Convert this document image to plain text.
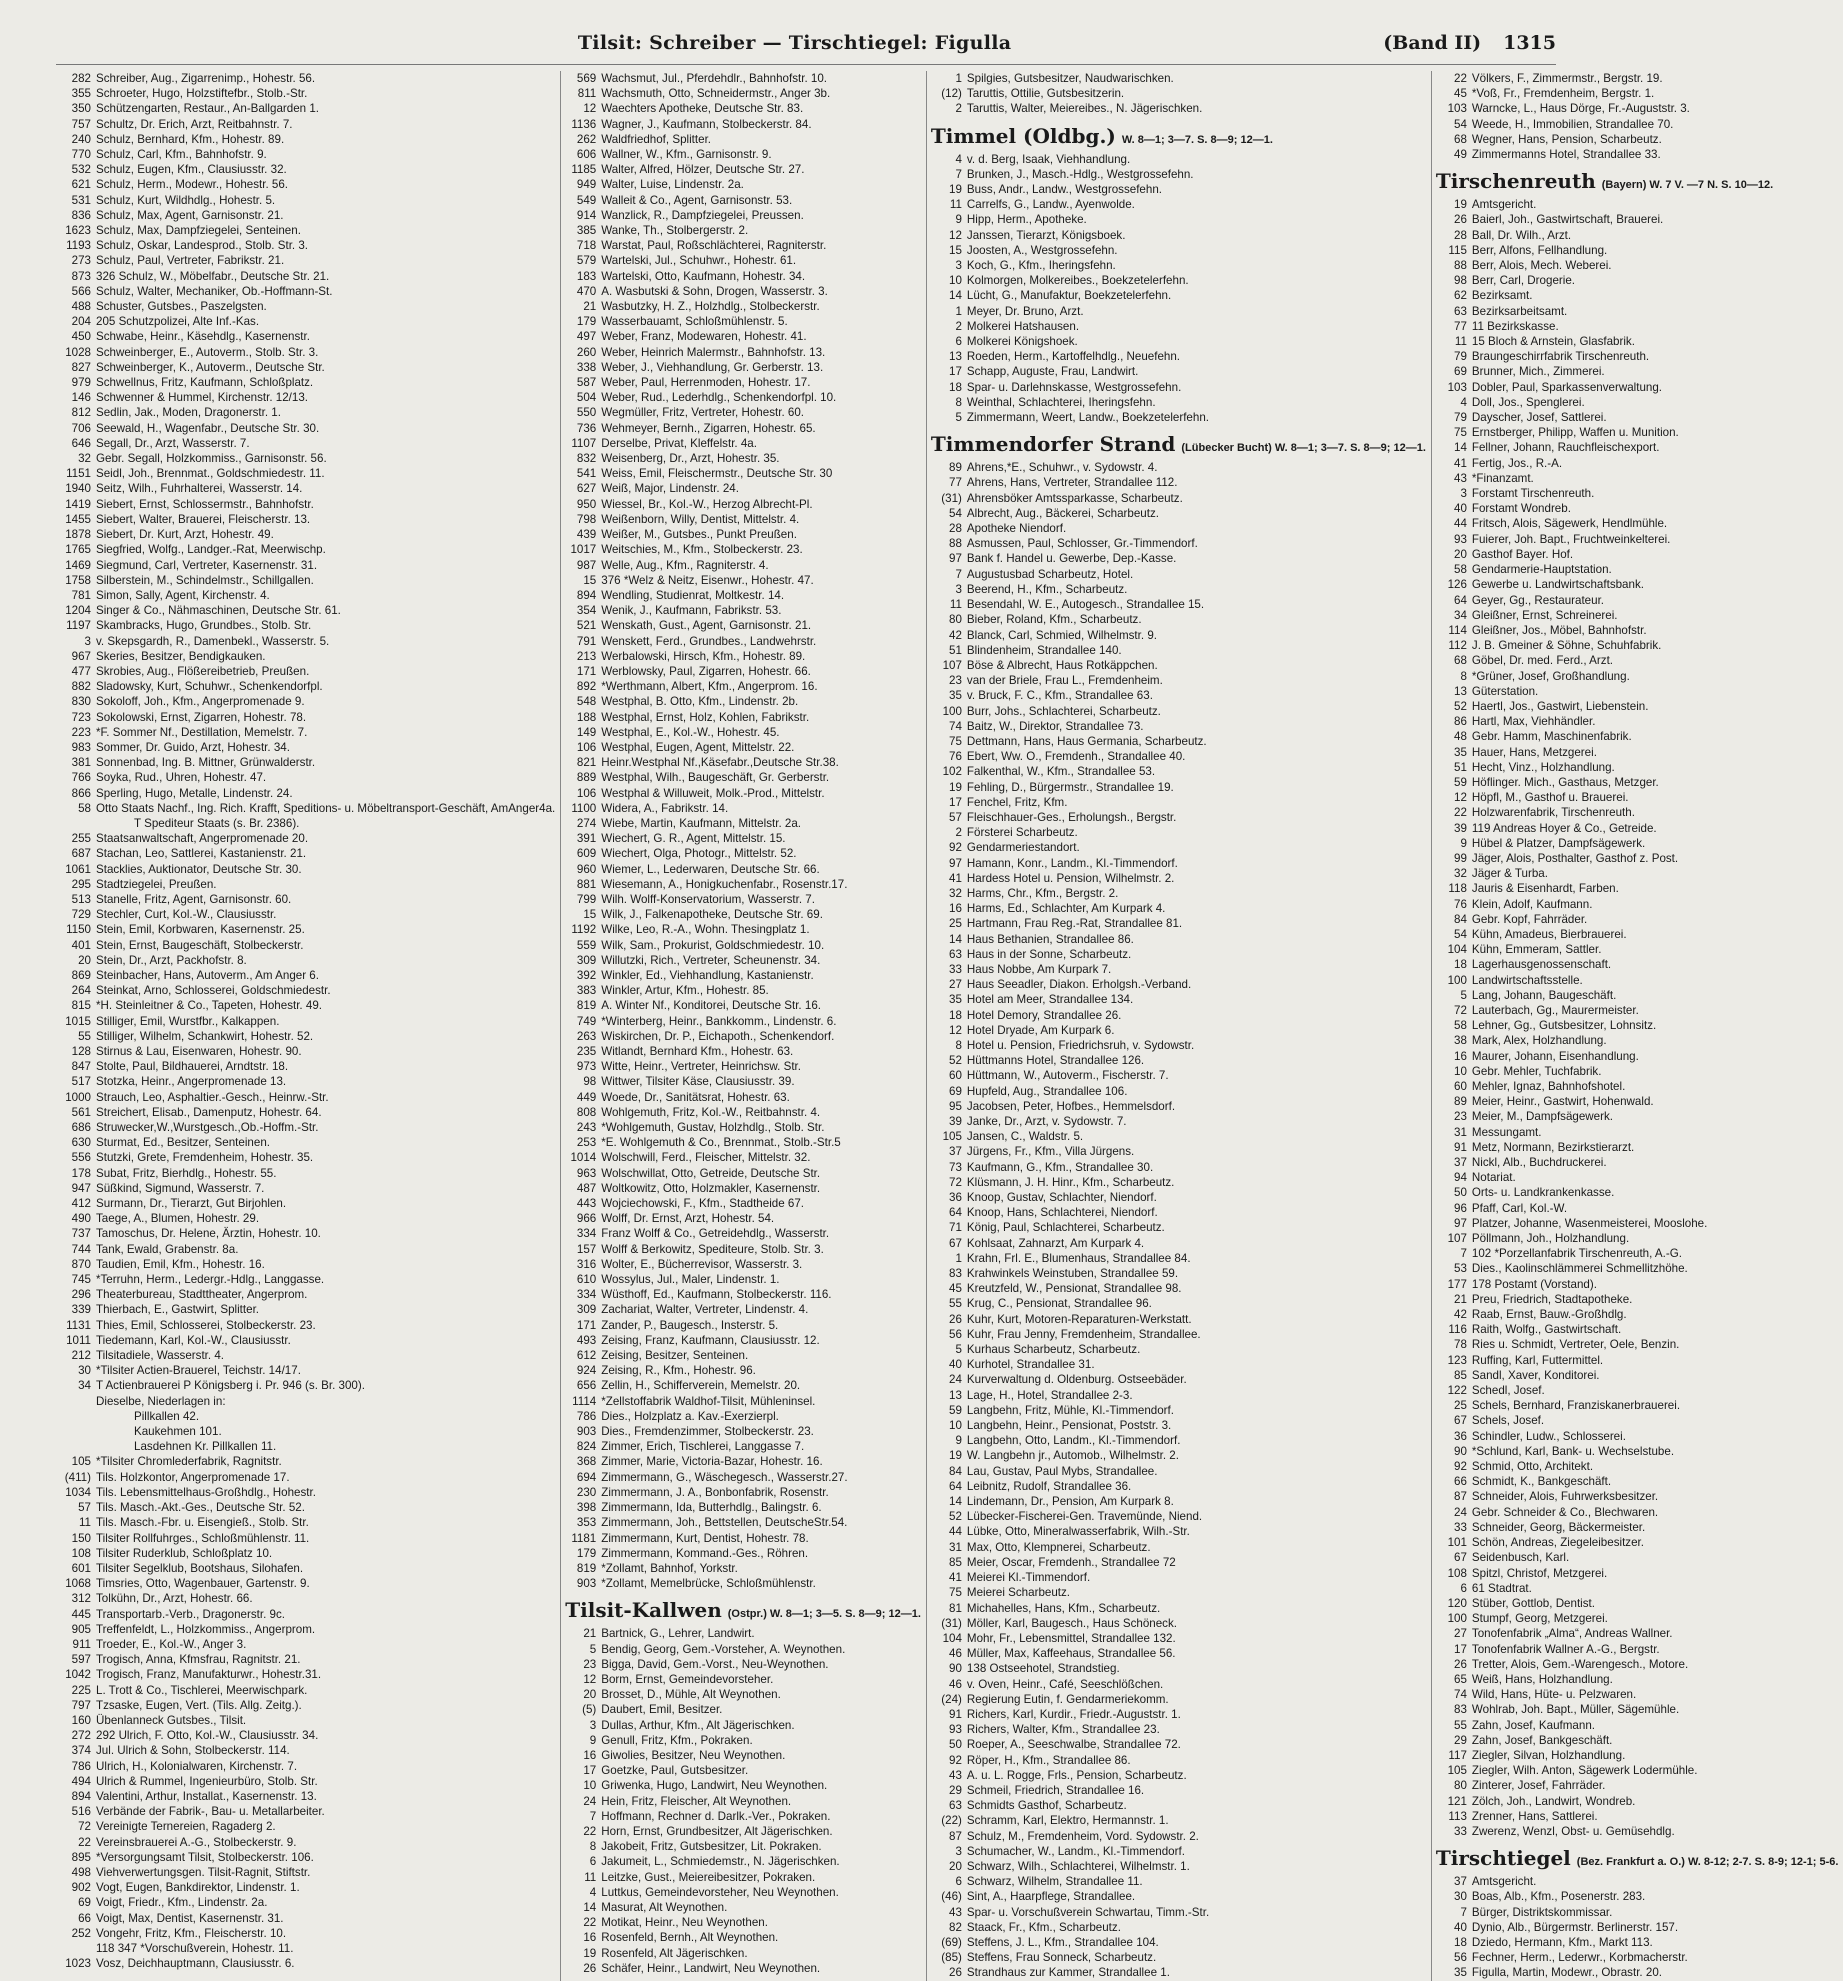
Tilsit: Schreiber — Tirschtiegel: Figulla	(Band II) 1315
282 Schreiber, Aug., Zigarrenimp., Hohestr. 56.
355 Schroeter, Hugo, Holzstiftefbr., Stolb.-Str.
350 Schützengarten, Restaur., An-Ballgarden 1.
757 Schultz, Dr. Erich, Arzt, Reitbahnstr. 7.
240 Schulz, Bernhard, Kfm., Hohestr. 89.
770 Schulz, Carl, Kfm., Bahnhofstr. 9.
532 Schulz, Eugen, Kfm., Clausiusstr. 32.
621 Schulz, Herm., Modewr., Hohestr. 56.
531 Schulz, Kurt, Wildhdlg., Hohestr. 5.
836 Schulz, Max, Agent, Garnisonstr. 21.
1623 Schulz, Max, Dampfziegelei, Senteinen.
1193 Schulz, Oskar, Landesprod., Stolb. Str. 3.
273 Schulz, Paul, Vertreter, Fabrikstr. 21.
873 326 Schulz, W., Möbelfabr., Deutsche Str. 21.
566 Schulz, Walter, Mechaniker, Ob.-Hoffmann-St.
488 Schuster, Gutsbes., Paszelgsten.
204 205 Schutzpolizei, Alte Inf.-Kas.
450 Schwabe, Heinr., Käsehdlg., Kasernenstr.
1028 Schweinberger, E., Autoverm., Stolb. Str. 3.
827 Schweinberger, K., Autoverm., Deutsche Str.
979 Schwellnus, Fritz, Kaufmann, Schloßplatz.
146 Schwenner & Hummel, Kirchenstr. 12/13.
812 Sedlin, Jak., Moden, Dragonerstr. 1.
706 Seewald, H., Wagenfabr., Deutsche Str. 30.
646 Segall, Dr., Arzt, Wasserstr. 7.
32 Gebr. Segall, Holzkommiss., Garnisonstr. 56.
1151 Seidl, Joh., Brennmat., Goldschmiedestr. 11.
1940 Seitz, Wilh., Fuhrhalterei, Wasserstr. 14.
1419 Siebert, Ernst, Schlossermstr., Bahnhofstr.
1455 Siebert, Walter, Brauerei, Fleischerstr. 13.
1878 Siebert, Dr. Kurt, Arzt, Hohestr. 49.
1765 Siegfried, Wolfg., Landger.-Rat, Meerwischp.
1469 Siegmund, Carl, Vertreter, Kasernenstr. 31.
1758 Silberstein, M., Schindelmstr., Schillgallen.
781 Simon, Sally, Agent, Kirchenstr. 4.
1204 Singer & Co., Nähmaschinen, Deutsche Str. 61.
1197 Skambracks, Hugo, Grundbes., Stolb. Str.
3 v. Skepsgardh, R., Damenbekl., Wasserstr. 5.
967 Skeries, Besitzer, Bendigkauken.
477 Skrobies, Aug., Flößereibetrieb, Preußen.
882 Sladowsky, Kurt, Schuhwr., Schenkendorfpl.
830 Sokoloff, Joh., Kfm., Angerpromenade 9.
723 Sokolowski, Ernst, Zigarren, Hohestr. 78.
223 *F. Sommer Nf., Destillation, Memelstr. 7.
983 Sommer, Dr. Guido, Arzt, Hohestr. 34.
381 Sonnenbad, Ing. B. Mittner, Grünwalderstr.
766 Soyka, Rud., Uhren, Hohestr. 47.
866 Sperling, Hugo, Metalle, Lindenstr. 24.
58 Otto Staats Nachf., Ing. Rich. Krafft, Speditions- u. Möbeltransport-Geschäft, AmAnger4a.
T Spediteur Staats (s. Br. 2386).
255 Staatsanwaltschaft, Angerpromenade 20.
687 Stachan, Leo, Sattlerei, Kastanienstr. 21.
1061 Stacklies, Auktionator, Deutsche Str. 30.
295 Stadtziegelei, Preußen.
513 Stanelle, Fritz, Agent, Garnisonstr. 60.
729 Stechler, Curt, Kol.-W., Clausiusstr.
1150 Stein, Emil, Korbwaren, Kasernenstr. 25.
401 Stein, Ernst, Baugeschäft, Stolbeckerstr.
20 Stein, Dr., Arzt, Packhofstr. 8.
869 Steinbacher, Hans, Autoverm., Am Anger 6.
264 Steinkat, Arno, Schlosserei, Goldschmiedestr.
815 *H. Steinleitner & Co., Tapeten, Hohestr. 49.
1015 Stilliger, Emil, Wurstfbr., Kalkappen.
55 Stilliger, Wilhelm, Schankwirt, Hohestr. 52.
128 Stirnus & Lau, Eisenwaren, Hohestr. 90.
847 Stolte, Paul, Bildhauerei, Arndtstr. 18.
517 Stotzka, Heinr., Angerpromenade 13.
1000 Strauch, Leo, Asphaltier.-Gesch., Heinrw.-Str.
561 Streichert, Elisab., Damenputz, Hohestr. 64.
686 Struwecker,W.,Wurstgesch.,Ob.-Hoffm.-Str.
630 Sturmat, Ed., Besitzer, Senteinen.
556 Stutzki, Grete, Fremdenheim, Hohestr. 35.
178 Subat, Fritz, Bierhdlg., Hohestr. 55.
947 Süßkind, Sigmund, Wasserstr. 7.
412 Surmann, Dr., Tierarzt, Gut Birjohlen.
490 Taege, A., Blumen, Hohestr. 29.
737 Tamoschus, Dr. Helene, Ärztin, Hohestr. 10.
744 Tank, Ewald, Grabenstr. 8a.
870 Taudien, Emil, Kfm., Hohestr. 16.
745 *Terruhn, Herm., Ledergr.-Hdlg., Langgasse.
296 Theaterbureau, Stadttheater, Angerprom.
339 Thierbach, E., Gastwirt, Splitter.
1131 Thies, Emil, Schlosserei, Stolbeckerstr. 23.
1011 Tiedemann, Karl, Kol.-W., Clausiusstr.
212 Tilsitadiele, Wasserstr. 4.
30 *Tilsiter Actien-Brauerel, Teichstr. 14/17.
34 T Actienbrauerei P Königsberg i. Pr. 946 (s. Br. 300).
Dieselbe, Niederlagen in:
Pillkallen 42.
Kaukehmen 101.
Lasdehnen Kr. Pillkallen 11.
105 *Tilsiter Chromlederfabrik, Ragnitstr.
(411) Tils. Holzkontor, Angerpromenade 17.
1034 Tils. Lebensmittelhaus-Großhdlg., Hohestr.
57 Tils. Masch.-Akt.-Ges., Deutsche Str. 52.
11 Tils. Masch.-Fbr. u. Eisengieß., Stolb. Str.
150 Tilsiter Rollfuhrges., Schloßmühlenstr. 11.
108 Tilsiter Ruderklub, Schloßplatz 10.
601 Tilsiter Segelklub, Bootshaus, Silohafen.
1068 Timsries, Otto, Wagenbauer, Gartenstr. 9.
312 Tolkühn, Dr., Arzt, Hohestr. 66.
445 Transportarb.-Verb., Dragonerstr. 9c.
905 Treffenfeldt, L., Holzkommiss., Angerprom.
911 Troeder, E., Kol.-W., Anger 3.
597 Trogisch, Anna, Kfmsfrau, Ragnitstr. 21.
1042 Trogisch, Franz, Manufakturwr., Hohestr.31.
225 L. Trott & Co., Tischlerei, Meerwischpark.
797 Tzsaske, Eugen, Vert. (Tils. Allg. Zeitg.).
160 Übenlanneck Gutsbes., Tilsit.
272 292 Ulrich, F. Otto, Kol.-W., Clausiusstr. 34.
374 Jul. Ulrich & Sohn, Stolbeckerstr. 114.
786 Ulrich, H., Kolonialwaren, Kirchenstr. 7.
494 Ulrich & Rummel, Ingenieurbüro, Stolb. Str.
894 Valentini, Arthur, Installat., Kasernenstr. 13.
516 Verbände der Fabrik-, Bau- u. Metallarbeiter.
72 Vereinigte Ternereien, Ragaderg 2.
22 Vereinsbrauerei A.-G., Stolbeckerstr. 9.
895 *Versorgungsamt Tilsit, Stolbeckerstr. 106.
498 Viehverwertungsgen. Tilsit-Ragnit, Stiftstr.
902 Vogt, Eugen, Bankdirektor, Lindenstr. 1.
69 Voigt, Friedr., Kfm., Lindenstr. 2a.
66 Voigt, Max, Dentist, Kasernenstr. 31.
252 Vongehr, Fritz, Kfm., Fleischerstr. 10.
118 347 *Vorschußverein, Hohestr. 11.
1023 Vosz, Deichhauptmann, Clausiusstr. 6.
569 Wachsmut, Jul., Pferdehdlr., Bahnhofstr. 10.
811 Wachsmuth, Otto, Schneidermstr., Anger 3b.
12 Waechters Apotheke, Deutsche Str. 83.
1136 Wagner, J., Kaufmann, Stolbeckerstr. 84.
262 Waldfriedhof, Splitter.
606 Wallner, W., Kfm., Garnisonstr. 9.
1185 Walter, Alfred, Hölzer, Deutsche Str. 27.
949 Walter, Luise, Lindenstr. 2a.
549 Walleit & Co., Agent, Garnisonstr. 53.
914 Wanzlick, R., Dampfziegelei, Preussen.
385 Wanke, Th., Stolbergerstr. 2.
718 Warstat, Paul, Roßschlächterei, Ragniterstr.
579 Wartelski, Jul., Schuhwr., Hohestr. 61.
183 Wartelski, Otto, Kaufmann, Hohestr. 34.
470 A. Wasbutski & Sohn, Drogen, Wasserstr. 3.
21 Wasbutzky, H. Z., Holzhdlg., Stolbeckerstr.
179 Wasserbauamt, Schloßmühlenstr. 5.
497 Weber, Franz, Modewaren, Hohestr. 41.
260 Weber, Heinrich Malermstr., Bahnhofstr. 13.
338 Weber, J., Viehhandlung, Gr. Gerberstr. 13.
587 Weber, Paul, Herrenmoden, Hohestr. 17.
504 Weber, Rud., Lederhdlg., Schenkendorfpl. 10.
550 Wegmüller, Fritz, Vertreter, Hohestr. 60.
736 Wehmeyer, Bernh., Zigarren, Hohestr. 65.
1107 Derselbe, Privat, Kleffelstr. 4a.
832 Weisenberg, Dr., Arzt, Hohestr. 35.
541 Weiss, Emil, Fleischermstr., Deutsche Str. 30
627 Weiß, Major, Lindenstr. 24.
950 Wiessel, Br., Kol.-W., Herzog Albrecht-Pl.
798 Weißenborn, Willy, Dentist, Mittelstr. 4.
439 Weißer, M., Gutsbes., Punkt Preußen.
1017 Weitschies, M., Kfm., Stolbeckerstr. 23.
987 Welle, Aug., Kfm., Ragniterstr. 4.
15 376 *Welz & Neitz, Eisenwr., Hohestr. 47.
894 Wendling, Studienrat, Moltkestr. 14.
354 Wenik, J., Kaufmann, Fabrikstr. 53.
521 Wenskath, Gust., Agent, Garnisonstr. 21.
791 Wenskett, Ferd., Grundbes., Landwehrstr.
213 Werbalowski, Hirsch, Kfm., Hohestr. 89.
171 Werblowsky, Paul, Zigarren, Hohestr. 66.
892 *Werthmann, Albert, Kfm., Angerprom. 16.
548 Westphal, B. Otto, Kfm., Lindenstr. 2b.
188 Westphal, Ernst, Holz, Kohlen, Fabrikstr.
149 Westphal, E., Kol.-W., Hohestr. 45.
106 Westphal, Eugen, Agent, Mittelstr. 22.
821 Heinr.Westphal Nf.,Käsefabr.,Deutsche Str.38.
889 Westphal, Wilh., Baugeschäft, Gr. Gerberstr.
106 Westphal & Willuweit, Molk.-Prod., Mittelstr.
1100 Widera, A., Fabrikstr. 14.
274 Wiebe, Martin, Kaufmann, Mittelstr. 2a.
391 Wiechert, G. R., Agent, Mittelstr. 15.
609 Wiechert, Olga, Photogr., Mittelstr. 52.
960 Wiemer, L., Lederwaren, Deutsche Str. 66.
881 Wiesemann, A., Honigkuchenfabr., Rosenstr.17.
799 Wilh. Wolff-Konservatorium, Wasserstr. 7.
15 Wilk, J., Falkenapotheke, Deutsche Str. 69.
1192 Wilke, Leo, R.-A., Wohn. Thesingplatz 1.
559 Wilk, Sam., Prokurist, Goldschmiedestr. 10.
309 Willutzki, Rich., Vertreter, Scheunenstr. 34.
392 Winkler, Ed., Viehhandlung, Kastanienstr.
383 Winkler, Artur, Kfm., Hohestr. 85.
819 A. Winter Nf., Konditorei, Deutsche Str. 16.
749 *Winterberg, Heinr., Bankkomm., Lindenstr. 6.
263 Wiskirchen, Dr. P., Eichapoth., Schenkendorf.
235 Witlandt, Bernhard Kfm., Hohestr. 63.
973 Witte, Heinr., Vertreter, Heinrichsw. Str.
98 Wittwer, Tilsiter Käse, Clausiusstr. 39.
449 Woede, Dr., Sanitätsrat, Hohestr. 63.
808 Wohlgemuth, Fritz, Kol.-W., Reitbahnstr. 4.
243 *Wohlgemuth, Gustav, Holzhdlg., Stolb. Str.
253 *E. Wohlgemuth & Co., Brennmat., Stolb.-Str.5
1014 Wolschwill, Ferd., Fleischer, Mittelstr. 32.
963 Wolschwillat, Otto, Getreide, Deutsche Str.
487 Woltkowitz, Otto, Holzmakler, Kasernenstr.
443 Wojciechowski, F., Kfm., Stadtheide 67.
966 Wolff, Dr. Ernst, Arzt, Hohestr. 54.
334 Franz Wolff & Co., Getreidehdlg., Wasserstr.
157 Wolff & Berkowitz, Spediteure, Stolb. Str. 3.
316 Wolter, E., Bücherrevisor, Wasserstr. 3.
610 Wossylus, Jul., Maler, Lindenstr. 1.
334 Wüsthoff, Ed., Kaufmann, Stolbeckerstr. 116.
309 Zachariat, Walter, Vertreter, Lindenstr. 4.
171 Zander, P., Baugesch., Insterstr. 5.
493 Zeising, Franz, Kaufmann, Clausiusstr. 12.
612 Zeising, Besitzer, Senteinen.
924 Zeising, R., Kfm., Hohestr. 96.
656 Zellin, H., Schifferverein, Memelstr. 20.
1114 *Zellstoffabrik Waldhof-Tilsit, Mühleninsel.
786 Dies., Holzplatz a. Kav.-Exerzierpl.
903 Dies., Fremdenzimmer, Stolbeckerstr. 23.
824 Zimmer, Erich, Tischlerei, Langgasse 7.
368 Zimmer, Marie, Victoria-Bazar, Hohestr. 16.
694 Zimmermann, G., Wäschegesch., Wasserstr.27.
230 Zimmermann, J. A., Bonbonfabrik, Rosenstr.
398 Zimmermann, Ida, Butterhdlg., Balingstr. 6.
353 Zimmermann, Joh., Bettstellen, DeutscheStr.54.
1181 Zimmermann, Kurt, Dentist, Hohestr. 78.
179 Zimmermann, Kommand.-Ges., Röhren.
819 *Zollamt, Bahnhof, Yorkstr.
903 *Zollamt, Memelbrücke, Schloßmühlenstr.
Tilsit-Kallwen (Ostpr.) W. 8—1; 3—5. S. 8—9; 12—1.
21 Bartnick, G., Lehrer, Landwirt.
5 Bendig, Georg, Gem.-Vorsteher, A. Weynothen.
23 Bigga, David, Gem.-Vorst., Neu-Weynothen.
12 Borm, Ernst, Gemeindevorsteher.
20 Brosset, D., Mühle, Alt Weynothen.
(5) Daubert, Emil, Besitzer.
3 Dullas, Arthur, Kfm., Alt Jägerischken.
9 Genull, Fritz, Kfm., Pokraken.
16 Giwolies, Besitzer, Neu Weynothen.
17 Goetzke, Paul, Gutsbesitzer.
10 Griwenka, Hugo, Landwirt, Neu Weynothen.
24 Hein, Fritz, Fleischer, Alt Weynothen.
7 Hoffmann, Rechner d. Darlk.-Ver., Pokraken.
22 Horn, Ernst, Grundbesitzer, Alt Jägerischken.
8 Jakobeit, Fritz, Gutsbesitzer, Lit. Pokraken.
6 Jakumeit, L., Schmiedemstr., N. Jägerischken.
11 Leitzke, Gust., Meiereibesitzer, Pokraken.
4 Luttkus, Gemeindevorsteher, Neu Weynothen.
14 Masurat, Alt Weynothen.
22 Motikat, Heinr., Neu Weynothen.
16 Rosenfeld, Bernh., Alt Weynothen.
19 Rosenfeld, Alt Jägerischken.
26 Schäfer, Heinr., Landwirt, Neu Weynothen.
1 Spilgies, Gutsbesitzer, Naudwarischken.
(12) Taruttis, Ottilie, Gutsbesitzerin.
2 Taruttis, Walter, Meiereibes., N. Jägerischken.
Timmel (Oldbg.) W. 8—1; 3—7. S. 8—9; 12—1.
4 v. d. Berg, Isaak, Viehhandlung.
7 Brunken, J., Masch.-Hdlg., Westgrossefehn.
19 Buss, Andr., Landw., Westgrossefehn.
11 Carrelfs, G., Landw., Ayenwolde.
9 Hipp, Herm., Apotheke.
12 Janssen, Tierarzt, Königsboek.
15 Joosten, A., Westgrossefehn.
3 Koch, G., Kfm., Iheringsfehn.
10 Kolmorgen, Molkereibes., Boekzetelerfehn.
14 Lücht, G., Manufaktur, Boekzetelerfehn.
1 Meyer, Dr. Bruno, Arzt.
2 Molkerei Hatshausen.
6 Molkerei Königshoek.
13 Roeden, Herm., Kartoffelhdlg., Neuefehn.
17 Schapp, Auguste, Frau, Landwirt.
18 Spar- u. Darlehnskasse, Westgrossefehn.
8 Weinthal, Schlachterei, Iheringsfehn.
5 Zimmermann, Weert, Landw., Boekzetelerfehn.
Timmendorfer Strand (Lübecker Bucht) W. 8—1; 3—7. S. 8—9; 12—1.
89 Ahrens,*E., Schuhwr., v. Sydowstr. 4.
77 Ahrens, Hans, Vertreter, Strandallee 112.
(31) Ahrensböker Amtssparkasse, Scharbeutz.
54 Albrecht, Aug., Bäckerei, Scharbeutz.
28 Apotheke Niendorf.
88 Asmussen, Paul, Schlosser, Gr.-Timmendorf.
97 Bank f. Handel u. Gewerbe, Dep.-Kasse.
7 Augustusbad Scharbeutz, Hotel.
3 Beerend, H., Kfm., Scharbeutz.
11 Besendahl, W. E., Autogesch., Strandallee 15.
80 Bieber, Roland, Kfm., Scharbeutz.
42 Blanck, Carl, Schmied, Wilhelmstr. 9.
51 Blindenheim, Strandallee 140.
107 Böse & Albrecht, Haus Rotkäppchen.
23 van der Briele, Frau L., Fremdenheim.
35 v. Bruck, F. C., Kfm., Strandallee 63.
100 Burr, Johs., Schlachterei, Scharbeutz.
74 Baitz, W., Direktor, Strandallee 73.
75 Dettmann, Hans, Haus Germania, Scharbeutz.
76 Ebert, Ww. O., Fremdenh., Strandallee 40.
102 Falkenthal, W., Kfm., Strandallee 53.
19 Fehling, D., Bürgermstr., Strandallee 19.
17 Fenchel, Fritz, Kfm.
57 Fleischhauer-Ges., Erholungsh., Bergstr.
2 Försterei Scharbeutz.
92 Gendarmeriestandort.
97 Hamann, Konr., Landm., Kl.-Timmendorf.
41 Hardess Hotel u. Pension, Wilhelmstr. 2.
32 Harms, Chr., Kfm., Bergstr. 2.
16 Harms, Ed., Schlachter, Am Kurpark 4.
25 Hartmann, Frau Reg.-Rat, Strandallee 81.
14 Haus Bethanien, Strandallee 86.
63 Haus in der Sonne, Scharbeutz.
33 Haus Nobbe, Am Kurpark 7.
27 Haus Seeadler, Diakon. Erholgsh.-Verband.
35 Hotel am Meer, Strandallee 134.
18 Hotel Demory, Strandallee 26.
12 Hotel Dryade, Am Kurpark 6.
8 Hotel u. Pension, Friedrichsruh, v. Sydowstr.
52 Hüttmanns Hotel, Strandallee 126.
60 Hüttmann, W., Autoverm., Fischerstr. 7.
69 Hupfeld, Aug., Strandallee 106.
95 Jacobsen, Peter, Hofbes., Hemmelsdorf.
39 Janke, Dr., Arzt, v. Sydowstr. 7.
105 Jansen, C., Waldstr. 5.
37 Jürgens, Fr., Kfm., Villa Jürgens.
73 Kaufmann, G., Kfm., Strandallee 30.
72 Klüsmann, J. H. Hinr., Kfm., Scharbeutz.
36 Knoop, Gustav, Schlachter, Niendorf.
64 Knoop, Hans, Schlachterei, Niendorf.
71 König, Paul, Schlachterei, Scharbeutz.
67 Kohlsaat, Zahnarzt, Am Kurpark 4.
1 Krahn, Frl. E., Blumenhaus, Strandallee 84.
83 Krahwinkels Weinstuben, Strandallee 59.
45 Kreutzfeld, W., Pensionat, Strandallee 98.
55 Krug, C., Pensionat, Strandallee 96.
26 Kuhr, Kurt, Motoren-Reparaturen-Werkstatt.
56 Kuhr, Frau Jenny, Fremdenheim, Strandallee.
5 Kurhaus Scharbeutz, Scharbeutz.
40 Kurhotel, Strandallee 31.
24 Kurverwaltung d. Oldenburg. Ostseebäder.
13 Lage, H., Hotel, Strandallee 2-3.
59 Langbehn, Fritz, Mühle, Kl.-Timmendorf.
10 Langbehn, Heinr., Pensionat, Poststr. 3.
9 Langbehn, Otto, Landm., Kl.-Timmendorf.
19 W. Langbehn jr., Automob., Wilhelmstr. 2.
84 Lau, Gustav, Paul Mybs, Strandallee.
64 Leibnitz, Rudolf, Strandallee 36.
14 Lindemann, Dr., Pension, Am Kurpark 8.
52 Lübecker-Fischerei-Gen. Travemünde, Niend.
44 Lübke, Otto, Mineralwasserfabrik, Wilh.-Str.
31 Max, Otto, Klempnerei, Scharbeutz.
85 Meier, Oscar, Fremdenh., Strandallee 72
41 Meierei Kl.-Timmendorf.
75 Meierei Scharbeutz.
81 Michahelles, Hans, Kfm., Scharbeutz.
(31) Möller, Karl, Baugesch., Haus Schöneck.
104 Mohr, Fr., Lebensmittel, Strandallee 132.
46 Müller, Max, Kaffeehaus, Strandallee 56.
90 138 Ostseehotel, Strandstieg.
46 v. Oven, Heinr., Café, Seeschlößchen.
(24) Regierung Eutin, f. Gendarmeriekomm.
91 Richers, Karl, Kurdir., Friedr.-Auguststr. 1.
93 Richers, Walter, Kfm., Strandallee 23.
50 Roeper, A., Seeschwalbe, Strandallee 72.
92 Röper, H., Kfm., Strandallee 86.
43 A. u. L. Rogge, Frls., Pension, Scharbeutz.
29 Schmeil, Friedrich, Strandallee 16.
63 Schmidts Gasthof, Scharbeutz.
(22) Schramm, Karl, Elektro, Hermannstr. 1.
87 Schulz, M., Fremdenheim, Vord. Sydowstr. 2.
3 Schumacher, W., Landm., Kl.-Timmendorf.
20 Schwarz, Wilh., Schlachterei, Wilhelmstr. 1.
6 Schwarz, Wilhelm, Strandallee 11.
(46) Sint, A., Haarpflege, Strandallee.
43 Spar- u. Vorschußverein Schwartau, Timm.-Str.
82 Staack, Fr., Kfm., Scharbeutz.
(69) Steffens, J. L., Kfm., Strandallee 104.
(85) Steffens, Frau Sonneck, Scharbeutz.
26 Strandhaus zur Kammer, Strandallee 1.
22 Völkers, F., Zimmermstr., Bergstr. 19.
45 *Voß, Fr., Fremdenheim, Bergstr. 1.
103 Warncke, L., Haus Dörge, Fr.-Auguststr. 3.
54 Weede, H., Immobilien, Strandallee 70.
68 Wegner, Hans, Pension, Scharbeutz.
49 Zimmermanns Hotel, Strandallee 33.
Tirschenreuth (Bayern) W. 7 V. —7 N. S. 10—12.
19 Amtsgericht.
26 Baierl, Joh., Gastwirtschaft, Brauerei.
28 Ball, Dr. Wilh., Arzt.
115 Berr, Alfons, Fellhandlung.
88 Berr, Alois, Mech. Weberei.
98 Berr, Carl, Drogerie.
62 Bezirksamt.
63 Bezirksarbeitsamt.
77 11 Bezirkskasse.
11 15 Bloch & Arnstein, Glasfabrik.
79 Braungeschirrfabrik Tirschenreuth.
69 Brunner, Mich., Zimmerei.
103 Dobler, Paul, Sparkassenverwaltung.
4 Doll, Jos., Spenglerei.
79 Dayscher, Josef, Sattlerei.
75 Ernstberger, Philipp, Waffen u. Munition.
14 Fellner, Johann, Rauchfleischexport.
41 Fertig, Jos., R.-A.
43 *Finanzamt.
3 Forstamt Tirschenreuth.
40 Forstamt Wondreb.
44 Fritsch, Alois, Sägewerk, Hendlmühle.
93 Fuierer, Joh. Bapt., Fruchtweinkelterei.
20 Gasthof Bayer. Hof.
58 Gendarmerie-Hauptstation.
126 Gewerbe u. Landwirtschaftsbank.
64 Geyer, Gg., Restaurateur.
34 Gleißner, Ernst, Schreinerei.
114 Gleißner, Jos., Möbel, Bahnhofstr.
112 J. B. Gmeiner & Söhne, Schuhfabrik.
68 Göbel, Dr. med. Ferd., Arzt.
8 *Grüner, Josef, Großhandlung.
13 Güterstation.
52 Haertl, Jos., Gastwirt, Liebenstein.
86 Hartl, Max, Viehhändler.
48 Gebr. Hamm, Maschinenfabrik.
35 Hauer, Hans, Metzgerei.
51 Hecht, Vinz., Holzhandlung.
59 Höflinger. Mich., Gasthaus, Metzger.
12 Höpfl, M., Gasthof u. Brauerei.
22 Holzwarenfabrik, Tirschenreuth.
39 119 Andreas Hoyer & Co., Getreide.
9 Hübel & Platzer, Dampfsägewerk.
99 Jäger, Alois, Posthalter, Gasthof z. Post.
32 Jäger & Turba.
118 Jauris & Eisenhardt, Farben.
76 Klein, Adolf, Kaufmann.
84 Gebr. Kopf, Fahrräder.
54 Kühn, Amadeus, Bierbrauerei.
104 Kühn, Emmeram, Sattler.
18 Lagerhausgenossenschaft.
100 Landwirtschaftsstelle.
5 Lang, Johann, Baugeschäft.
72 Lauterbach, Gg., Maurermeister.
58 Lehner, Gg., Gutsbesitzer, Lohnsitz.
38 Mark, Alex, Holzhandlung.
16 Maurer, Johann, Eisenhandlung.
10 Gebr. Mehler, Tuchfabrik.
60 Mehler, Ignaz, Bahnhofshotel.
89 Meier, Heinr., Gastwirt, Hohenwald.
23 Meier, M., Dampfsägewerk.
31 Messungamt.
91 Metz, Normann, Bezirkstierarzt.
37 Nickl, Alb., Buchdruckerei.
94 Notariat.
50 Orts- u. Landkrankenkasse.
96 Pfaff, Carl, Kol.-W.
97 Platzer, Johanne, Wasenmeisterei, Mooslohe.
107 Pöllmann, Joh., Holzhandlung.
7 102 *Porzellanfabrik Tirschenreuth, A.-G.
53 Dies., Kaolinschlämmerei Schmellitzhöhe.
177 178 Postamt (Vorstand).
21 Preu, Friedrich, Stadtapotheke.
42 Raab, Ernst, Bauw.-Großhdlg.
116 Raith, Wolfg., Gastwirtschaft.
78 Ries u. Schmidt, Vertreter, Oele, Benzin.
123 Ruffing, Karl, Futtermittel.
85 Sandl, Xaver, Konditorei.
122 Schedl, Josef.
25 Schels, Bernhard, Franziskanerbrauerei.
67 Schels, Josef.
36 Schindler, Ludw., Schlosserei.
90 *Schlund, Karl, Bank- u. Wechselstube.
92 Schmid, Otto, Architekt.
66 Schmidt, K., Bankgeschäft.
87 Schneider, Alois, Fuhrwerksbesitzer.
24 Gebr. Schneider & Co., Blechwaren.
33 Schneider, Georg, Bäckermeister.
101 Schön, Andreas, Ziegeleibesitzer.
67 Seidenbusch, Karl.
108 Spitzl, Christof, Metzgerei.
6 61 Stadtrat.
120 Stüber, Gottlob, Dentist.
100 Stumpf, Georg, Metzgerei.
27 Tonofenfabrik „Alma“, Andreas Wallner.
17 Tonofenfabrik Wallner A.-G., Bergstr.
26 Tretter, Alois, Gem.-Warengesch., Motore.
65 Weiß, Hans, Holzhandlung.
74 Wild, Hans, Hüte- u. Pelzwaren.
83 Wohlrab, Joh. Bapt., Müller, Sägemühle.
55 Zahn, Josef, Kaufmann.
29 Zahn, Josef, Bankgeschäft.
117 Ziegler, Silvan, Holzhandlung.
105 Ziegler, Wilh. Anton, Sägewerk Lodermühle.
80 Zinterer, Josef, Fahrräder.
121 Zölch, Joh., Landwirt, Wondreb.
113 Zrenner, Hans, Sattlerei.
33 Zwerenz, Wenzl, Obst- u. Gemüsehdlg.
Tirschtiegel (Bez. Frankfurt a. O.) W. 8-12; 2-7. S. 8-9; 12-1; 5-6.
37 Amtsgericht.
30 Boas, Alb., Kfm., Posenerstr. 283.
7 Bürger, Distriktskommissar.
40 Dynio, Alb., Bürgermstr. Berlinerstr. 157.
18 Dziedo, Hermann, Kfm., Markt 113.
56 Fechner, Herm., Lederwr., Korbmacherstr.
35 Figulla, Martin, Modewr., Obrastr. 20.
